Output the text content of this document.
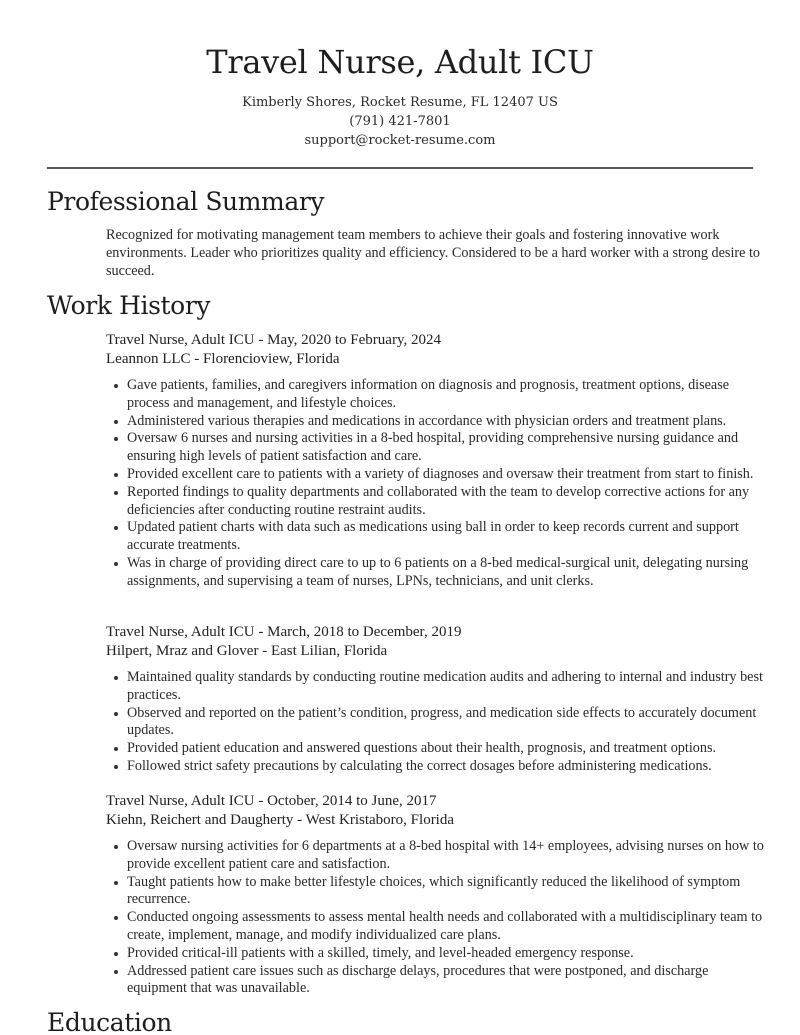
Travel Nurse, Adult ICU
Kimberly Shores, Rocket Resume, FL 12407 US
(791) 421-7801
support@rocket-resume.com
Professional Summary

Recognized for motivating management team members to achieve their goals and fostering innovative work environments. Leader who prioritizes quality and efficiency. Considered to be a hard worker with a strong desire to succeed.

Work History
Travel Nurse, Adult ICU - May, 2020 to February, 2024
Leannon LLC - Florencioview, Florida
Gave patients, families, and caregivers information on diagnosis and prognosis, treatment options, disease process and management, and lifestyle choices.
Administered various therapies and medications in accordance with physician orders and treatment plans.
Oversaw 6 nurses and nursing activities in a 8-bed hospital, providing comprehensive nursing guidance and ensuring high levels of patient satisfaction and care.
Provided excellent care to patients with a variety of diagnoses and oversaw their treatment from start to finish.
Reported findings to quality departments and collaborated with the team to develop corrective actions for any deficiencies after conducting routine restraint audits.
Updated patient charts with data such as medications using ball in order to keep records current and support accurate treatments.
Was in charge of providing direct care to up to 6 patients on a 8-bed medical-surgical unit, delegating nursing assignments, and supervising a team of nurses, LPNs, technicians, and unit clerks.
Travel Nurse, Adult ICU - March, 2018 to December, 2019
Hilpert, Mraz and Glover - East Lilian, Florida
Maintained quality standards by conducting routine medication audits and adhering to internal and industry best practices.
Observed and reported on the patient’s condition, progress, and medication side effects to accurately document updates.
Provided patient education and answered questions about their health, prognosis, and treatment options.
Followed strict safety precautions by calculating the correct dosages before administering medications.
Travel Nurse, Adult ICU - October, 2014 to June, 2017
Kiehn, Reichert and Daugherty - West Kristaboro, Florida
Oversaw nursing activities for 6 departments at a 8-bed hospital with 14+ employees, advising nurses on how to provide excellent patient care and satisfaction.
Taught patients how to make better lifestyle choices, which significantly reduced the likelihood of symptom recurrence.
Conducted ongoing assessments to assess mental health needs and collaborated with a multidisciplinary team to create, implement, manage, and modify individualized care plans.
Provided critical-ill patients with a skilled, timely, and level-headed emergency response.
Addressed patient care issues such as discharge delays, procedures that were postponed, and discharge equipment that was unavailable.
Education
